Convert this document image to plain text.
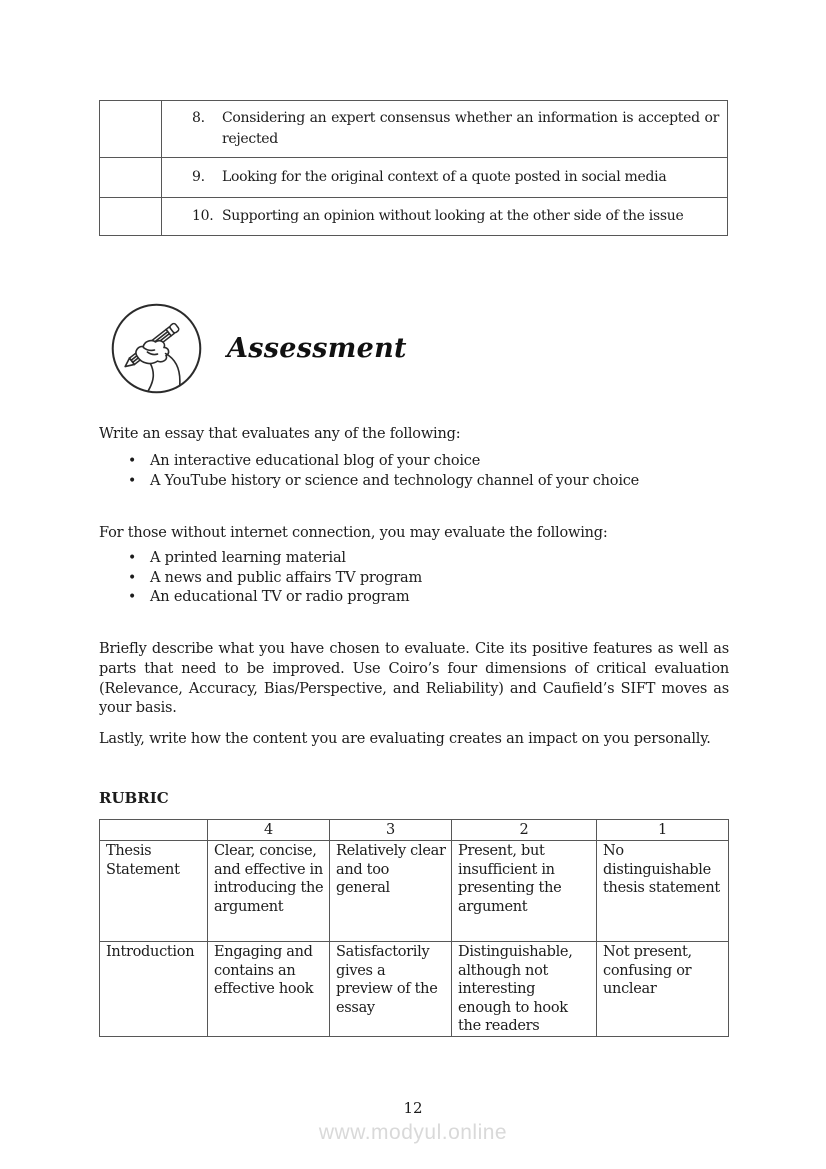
	8. Considering an expert consensus whether an information is accepted or rejected

	9. Looking for the original context of a quote posted in social media

	10. Supporting an opinion without looking at the other side of the issue
Assessment
Write an essay that evaluates any of the following:
• An interactive educational blog of your choice
• A YouTube history or science and technology channel of your choice
For those without internet connection, you may evaluate the following:
• A printed learning material
• A news and public affairs TV program
• An educational TV or radio program
Briefly describe what you have chosen to evaluate. Cite its positive features as well as parts that need to be improved. Use Coiro’s four dimensions of critical evaluation (Relevance, Accuracy, Bias/Perspective, and Reliability) and Caufield’s SIFT moves as your basis.
Lastly, write how the content you are evaluating creates an impact on you personally.
RUBRIC
	4	3	2	1
Thesis Statement	Clear, concise, and effective in introducing the argument	Relatively clear and too general	Present, but insufficient in presenting the argument	No distinguishable thesis statement
Introduction	Engaging and contains an effective hook	Satisfactorily gives a preview of the essay	Distinguishable, although not interesting enough to hook the readers	Not present, confusing or unclear
12
www.modyul.online
